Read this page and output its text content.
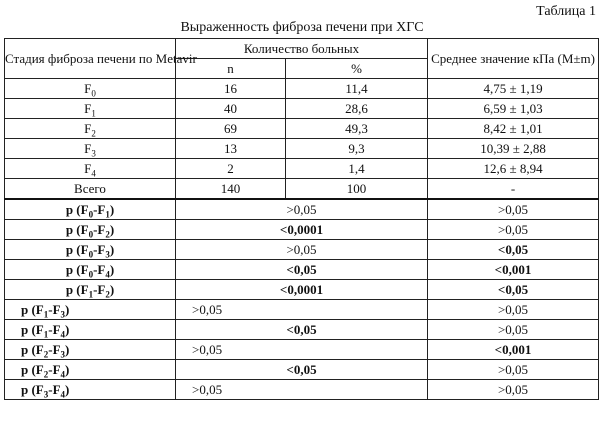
Таблица 1
Выраженность фиброза печени при ХГС
Стадия фиброза печени по Metavir	Количество больных		Среднее значение кПа (M±m)
	n	%	
$F_0$	16	11,4	4,75 ± 1,19
$F_1$	40	28,6	6,59 ± 1,03
$F_2$	69	49,3	8,42 ± 1,01
$F_3$	13	9,3	10,39 ± 2,88
$F_4$	2	1,4	12,6 ± 8,94
Всего	140	100	-
p $(F_0-F_1)$	>0,05		>0,05
p $(F_0-F_2)$	<0,0001		>0,05
p $(F_0-F_3)$	>0,05		<0,05
p $(F_0-F_4)$	<0,05		<0,001
p $(F_1-F_2)$	<0,0001		<0,05
p $(F_1-F_3)$	>0,05		>0,05
p $(F_1-F_4)$	<0,05		>0,05
p $(F_2-F_3)$	>0,05		<0,001
p $(F_2-F_4)$	<0,05		>0,05
p $(F_3-F_4)$	>0,05		>0,05
